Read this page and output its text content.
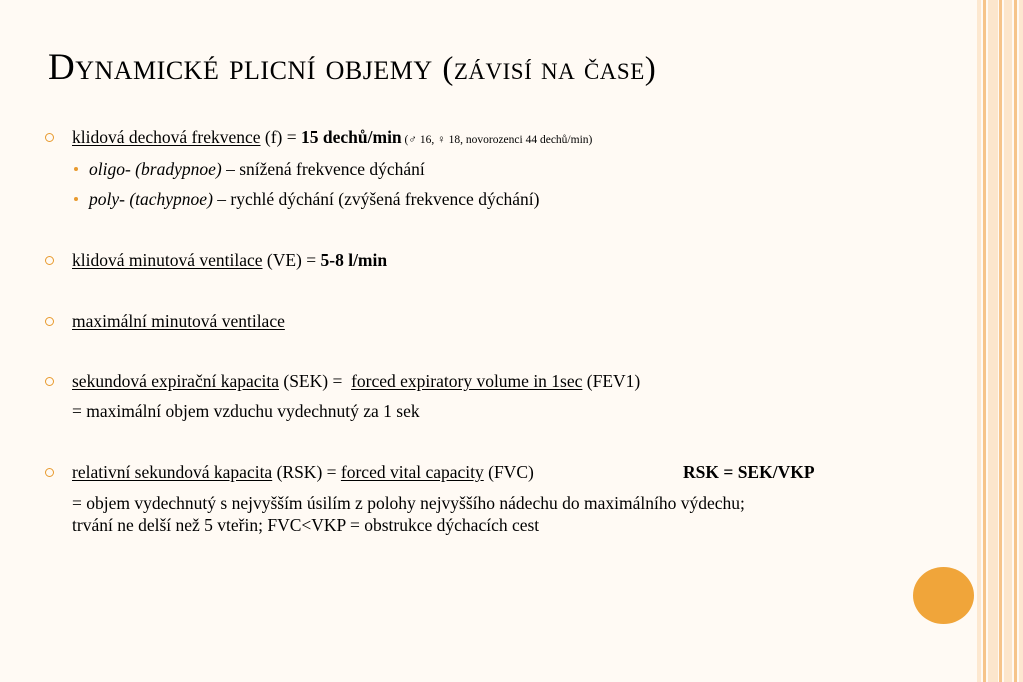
Dynamické plicní objemy (závisí na čase)
klidová dechová frekvence (f) = 15 dechů/min (♂ 16, ♀ 18, novorozenci 44 dechů/min)
oligo- (bradypnoe) – snížená frekvence dýchání
poly- (tachypnoe) – rychlé dýchání (zvýšená frekvence dýchání)
klidová minutová ventilace (VE) = 5-8 l/min
maximální minutová ventilace
sekundová expirační kapacita (SEK) =  forced expiratory volume in 1sec (FEV1)
= maximální objem vzduchu vydechnutý za 1 sek
relativní sekundová kapacita (RSK) = forced vital capacity (FVC)	RSK = SEK/VKP
= objem vydechnutý s nejvyšším úsilím z polohy nejvyššího nádechu do maximálního výdechu;
trvání ne delší než 5 vteřin; FVC<VKP = obstrukce dýchacích cest
